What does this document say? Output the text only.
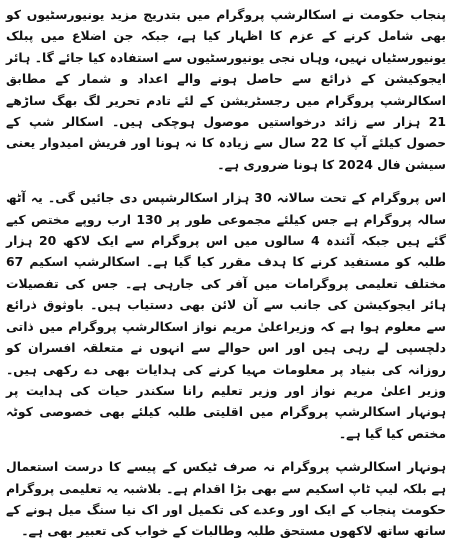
پنجاب حکومت نے اسکالرشپ پروگرام میں بتدریج مزید یونیورسٹیوں کو بھی شامل کرنے کے عزم کا اظہار کیا ہے، جبکہ جن اضلاع میں پبلک یونیورسٹیاں نہیں، وہاں نجی یونیورسٹیوں سے استفادہ کیا جائے گا۔ ہائر ایجوکیشن کے ذرائع سے حاصل ہونے والے اعداد و شمار کے مطابق اسکالرشپ پروگرام میں رجسٹریشن کے لئے تادم تحریر لگ بھگ ساڑھے 21 ہزار سے زائد درخواستیں موصول ہوچکی ہیں۔ اسکالر شپ کے حصول کیلئے آپ کا 22 سال سے زیادہ کا نہ ہونا اور فریش امیدوار یعنی سیشن فال 2024 کا ہونا ضروری ہے۔

اس پروگرام کے تحت سالانہ 30 ہزار اسکالرشپس دی جائیں گی۔ یہ آٹھ سالہ پروگرام ہے جس کیلئے مجموعی طور پر 130 ارب روپے مختص کیے گئے ہیں جبکہ آئندہ 4 سالوں میں اس پروگرام سے ایک لاکھ 20 ہزار طلبہ کو مستفید کرنے کا ہدف مقرر کیا گیا ہے۔ اسکالرشپ اسکیم 67 مختلف تعلیمی پروگرامات میں آفر کی جارہی ہے۔ جس کی تفصیلات ہائر ایجوکیشن کی جانب سے آن لائن بھی دستیاب ہیں۔ باوثوق ذرائع سے معلوم ہوا ہے کہ وزیراعلیٰ مریم نواز اسکالرشپ پروگرام میں ذاتی دلچسپی لے رہی ہیں اور اس حوالے سے انہوں نے متعلقہ افسران کو روزانہ کی بنیاد پر معلومات مہیا کرنے کی ہدایات بھی دے رکھی ہیں۔ وزیر اعلیٰ مریم نواز اور وزیر تعلیم رانا سکندر حیات کی ہدایت پر ہونہار اسکالرشپ پروگرام میں اقلیتی طلبہ کیلئے بھی خصوصی کوٹہ مختص کیا گیا ہے۔

ہونہار اسکالرشپ پروگرام نہ صرف ٹیکس کے پیسے کا درست استعمال ہے بلکہ لیپ ٹاپ اسکیم سے بھی بڑا اقدام ہے۔ بلاشبہ یہ تعلیمی پروگرام حکومت پنجاب کے ایک اور وعدے کی تکمیل اور اک نیا سنگ میل ہونے کے ساتھ ساتھ لاکھوں مستحق طلبہ وطالبات کے خواب کی تعبیر بھی ہے۔
